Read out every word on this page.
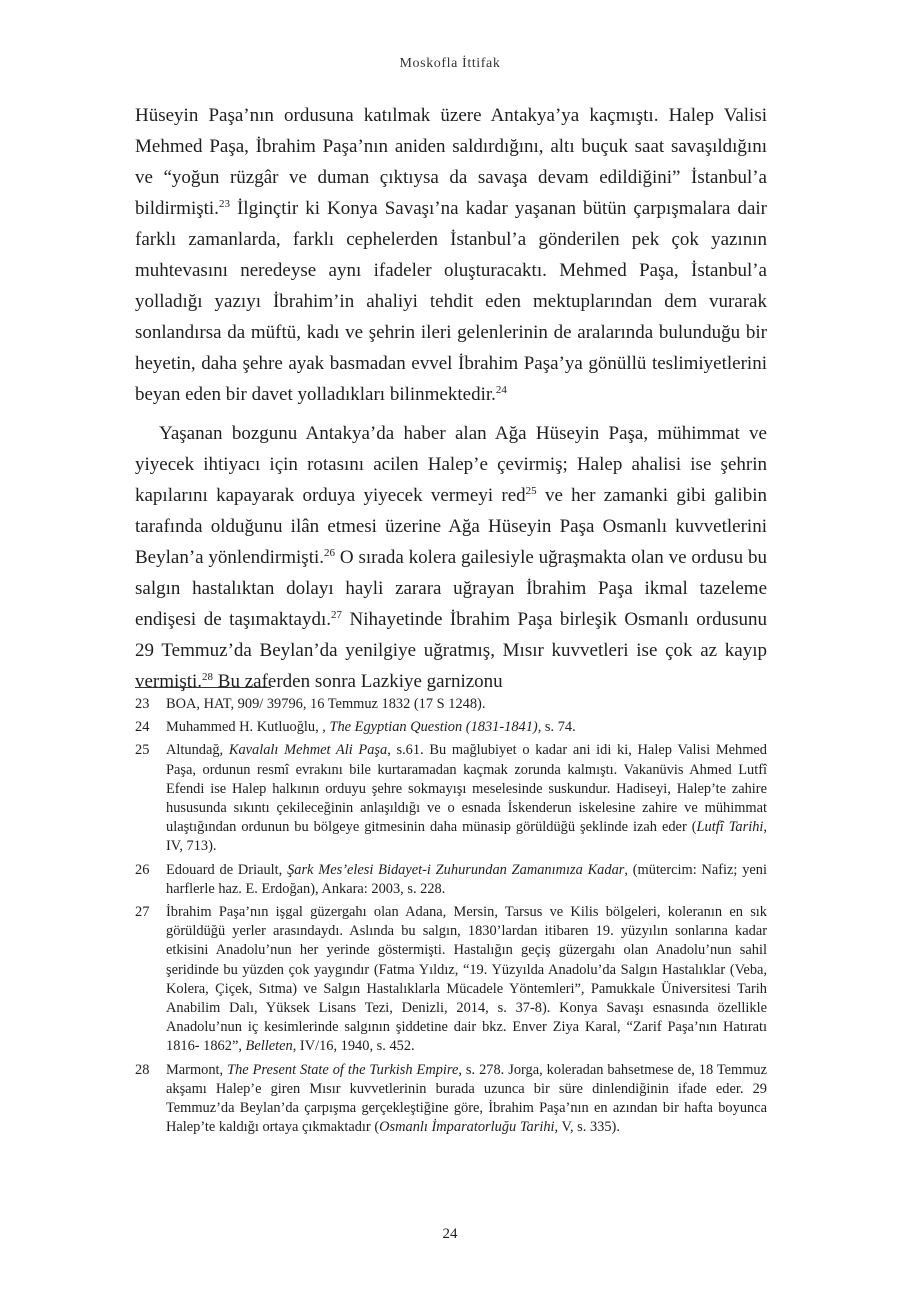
Moskofla İttifak

Hüseyin Paşa’nın ordusuna katılmak üzere Antakya’ya kaçmıştı. Halep Valisi Mehmed Paşa, İbrahim Paşa’nın aniden saldırdığını, altı buçuk saat savaşıldığını ve “yoğun rüzgâr ve duman çıktıysa da savaşa devam edildiğini” İstanbul’a bildirmişti.$^{23}$ İlginçtir ki Konya Savaşı’na kadar yaşanan bütün çarpışmalara dair farklı zamanlarda, farklı cephelerden İstanbul’a gönderilen pek çok yazının muhtevasını neredeyse aynı ifadeler oluşturacaktı. Mehmed Paşa, İstanbul’a yolladığı yazıyı İbrahim’in ahaliyi tehdit eden mektuplarından dem vurarak sonlandırsa da müftü, kadı ve şehrin ileri gelenlerinin de aralarında bulunduğu bir heyetin, daha şehre ayak basmadan evvel İbrahim Paşa’ya gönüllü teslimiyetlerini beyan eden bir davet yolladıkları bilinmektedir.$^{24}$

Yaşanan bozgunu Antakya’da haber alan Ağa Hüseyin Paşa, mühimmat ve yiyecek ihtiyacı için rotasını acilen Halep’e çevirmiş; Halep ahalisi ise şehrin kapılarını kapayarak orduya yiyecek vermeyi red$^{25}$ ve her zamanki gibi galibin tarafında olduğunu ilân etmesi üzerine Ağa Hüseyin Paşa Osmanlı kuvvetlerini Beylan’a yönlendirmişti.$^{26}$ O sırada kolera gailesiyle uğraşmakta olan ve ordusu bu salgın hastalıktan dolayı hayli zarara uğrayan İbrahim Paşa ikmal tazeleme endişesi de taşımaktaydı.$^{27}$ Nihayetinde İbrahim Paşa birleşik Osmanlı ordusunu 29 Temmuz’da Beylan’da yenilgiye uğratmış, Mısır kuvvetleri ise çok az kayıp vermişti.$^{28}$ Bu zaferden sonra Lazkiye garnizonu

23	BOA, HAT, 909/ 39796, 16 Temmuz 1832 (17 S 1248).
24	Muhammed H. Kutluoğlu, , The Egyptian Question (1831-1841), s. 74.
25	Altundağ, Kavalalı Mehmet Ali Paşa, s.61. Bu mağlubiyet o kadar ani idi ki, Halep Valisi Mehmed Paşa, ordunun resmî evrakını bile kurtaramadan kaçmak zorunda kalmıştı. Vakanüvis Ahmed Lutfî Efendi ise Halep halkının orduyu şehre sokmayışı meselesinde suskundur. Hadiseyi, Halep’te zahire hususunda sıkıntı çekileceğinin anlaşıldığı ve o esnada İskenderun iskelesine zahire ve mühimmat ulaştığından ordunun bu bölgeye gitmesinin daha münasip görüldüğü şeklinde izah eder (Lutfî Tarihi, IV, 713).
26	Edouard de Driault, Şark Mes’elesi Bidayet-i Zuhurundan Zamanımıza Kadar, (mütercim: Nafiz; yeni harflerle haz. E. Erdoğan), Ankara: 2003, s. 228.
27	İbrahim Paşa’nın işgal güzergahı olan Adana, Mersin, Tarsus ve Kilis bölgeleri, koleranın en sık görüldüğü yerler arasındaydı. Aslında bu salgın, 1830’lardan itibaren 19. yüzyılın sonlarına kadar etkisini Anadolu’nun her yerinde göstermişti. Hastalığın geçiş güzergahı olan Anadolu’nun sahil şeridinde bu yüzden çok yaygındır (Fatma Yıldız, “19. Yüzyılda Anadolu’da Salgın Hastalıklar (Veba, Kolera, Çiçek, Sıtma) ve Salgın Hastalıklarla Mücadele Yöntemleri”, Pamukkale Üniversitesi Tarih Anabilim Dalı, Yüksek Lisans Tezi, Denizli, 2014, s. 37-8). Konya Savaşı esnasında özellikle Anadolu’nun iç kesimlerinde salgının şiddetine dair bkz. Enver Ziya Karal, “Zarif Paşa’nın Hatıratı 1816- 1862”, Belleten, IV/16, 1940, s. 452.
28	Marmont, The Present State of the Turkish Empire, s. 278. Jorga, koleradan bahsetmese de, 18 Temmuz akşamı Halep’e giren Mısır kuvvetlerinin burada uzunca bir süre dinlendiğinin ifade eder. 29 Temmuz’da Beylan’da çarpışma gerçekleştiğine göre, İbrahim Paşa’nın en azından bir hafta boyunca Halep’te kaldığı ortaya çıkmaktadır (Osmanlı İmparatorluğu Tarihi, V, s. 335).
24
